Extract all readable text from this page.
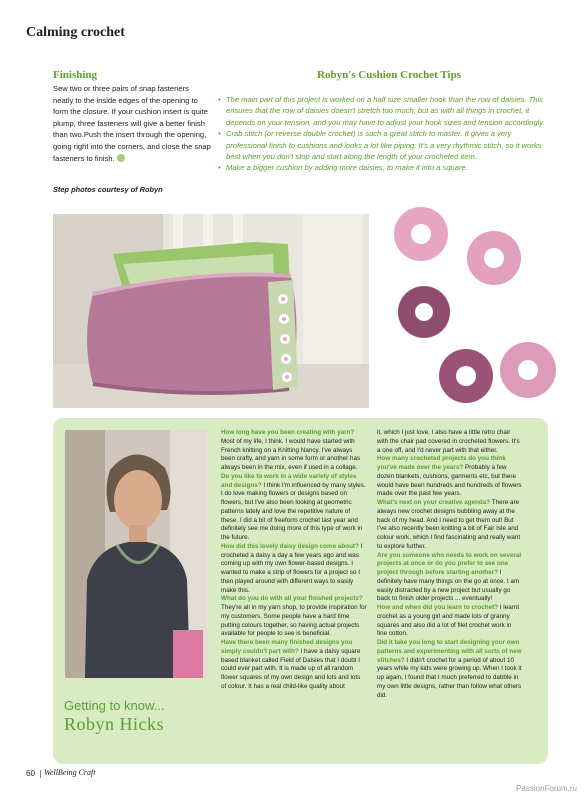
Calming crochet
Finishing
Sew two or three pairs of snap fasteners neatly to the inside edges of the opening to form the closure. If your cushion insert is quite plump, three fasteners will give a better finish than two.Push the insert through the opening, going right into the corners, and close the snap fasteners to finish.
Step photos courtesy of Robyn
Robyn's Cushion Crochet Tips
• The main part of this project is worked on a half size smaller hook than the row of daisies. This ensures that the row of daisies doesn't stretch too much, but as with all things in crochet, it depends on your tension, and you may have to adjust your hook sizes and tension accordingly.
• Crab stitch (or reverse double crochet) is such a great stitch to master. It gives a very professional finish to cushions and looks a lot like piping. It's a very rhythmic stitch, so it works best when you don't stop and start along the length of your crocheted item.
• Make a bigger cushion by adding more daisies, to make it into a square.
Getting to know...
Robyn Hicks
How long have you been creating with yarn? Most of my life, I think. I would have started with French knitting on a Knitting Nancy. I've always been crafty, and yarn in some form or another has always been in the mix, even if used in a collage.
Do you like to work in a wide variety of styles and designs? I think I'm influenced by many styles. I do love making flowers or designs based on flowers, but I've also been looking at geometric patterns lately and love the repetitive nature of these. I did a bit of freeform crochet last year and definitely see me doing more of this type of work in the future.
How did this lovely daisy design come about? I crocheted a daisy a day a few years ago and was coming up with my own flower-based designs. I wanted to make a strip of flowers for a project so I then played around with different ways to easily make this.
What do you do with all your finished projects? They're all in my yarn shop, to provide inspiration for my customers. Some people have a hard time putting colours together, so having actual projects available for people to see is beneficial.
Have there been many finished designs you simply couldn't part with? I have a daisy square based blanket called Field of Daisies that I doubt I could ever part with. It is made up of all random flower squares of my own design and lots and lots of colour. It has a real child-like quality about
it, which I just love. I also have a little retro chair with the chair pad covered in crocheted flowers. It's a one off, and I'd never part with that either.
How many crocheted projects do you think you've made over the years? Probably a few dozen blankets, cushions, garments etc, but there would have been hundreds and hundreds of flowers made over the past few years.
What's next on your creative agenda? There are always new crochet designs bubbling away at the back of my head. And I need to get them out! But I've also recently been knitting a bit of Fair Isle and colour work, which I find fascinating and really want to explore further.
Are you someone who needs to work on several projects at once or do you prefer to see one project through before starting another? I definitely have many things on the go at once. I am easily distracted by a new project but usually go back to finish older projects ... eventually!
How and when did you learn to crochet? I learnt crochet as a young girl and made lots of granny squares and also did a lot of filet crochet work in fine cotton.
Did it take you long to start designing your own patterns and experimenting with all sorts of new stitches? I didn't crochet for a period of about 10 years while my kids were growing up. When I took it up again, I found that I much preferred to dabble in my own little designs, rather than follow what others did.
60 WellBeing Craft
PassionForum.ru
